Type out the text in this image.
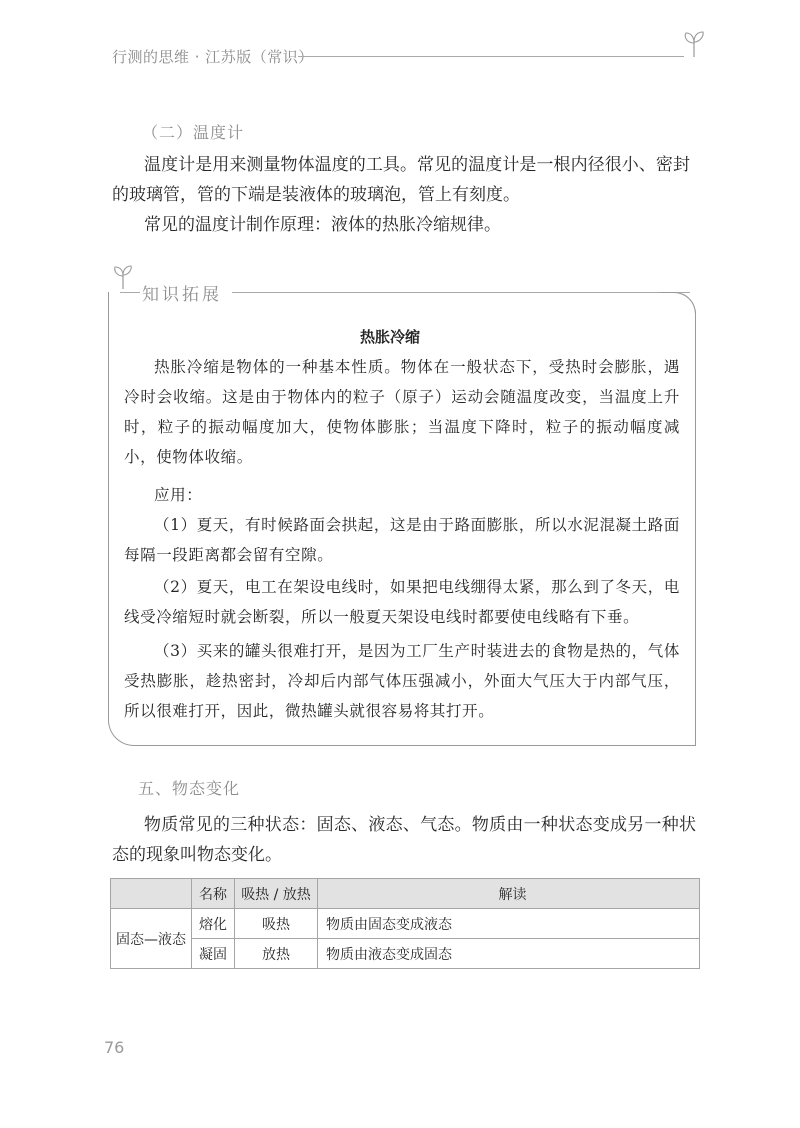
行测的思维 · 江苏版（常识）
（二）温度计
温度计是用来测量物体温度的工具。常见的温度计是一根内径很小、密封的玻璃管，管的下端是装液体的玻璃泡，管上有刻度。
常见的温度计制作原理：液体的热胀冷缩规律。
知识拓展
热胀冷缩
热胀冷缩是物体的一种基本性质。物体在一般状态下，受热时会膨胀，遇冷时会收缩。这是由于物体内的粒子（原子）运动会随温度改变，当温度上升时，粒子的振动幅度加大，使物体膨胀；当温度下降时，粒子的振动幅度减小，使物体收缩。
应用：
（1）夏天，有时候路面会拱起，这是由于路面膨胀，所以水泥混凝土路面每隔一段距离都会留有空隙。
（2）夏天，电工在架设电线时，如果把电线绷得太紧，那么到了冬天，电线受冷缩短时就会断裂，所以一般夏天架设电线时都要使电线略有下垂。
（3）买来的罐头很难打开，是因为工厂生产时装进去的食物是热的，气体受热膨胀，趁热密封，冷却后内部气体压强减小，外面大气压大于内部气压，所以很难打开，因此，微热罐头就很容易将其打开。
五、物态变化
物质常见的三种状态：固态、液态、气态。物质由一种状态变成另一种状态的现象叫物态变化。
	名称	吸热 / 放热	解读
固态—液态	熔化	吸热	物质由固态变成液态
	凝固	放热	物质由液态变成固态
76
